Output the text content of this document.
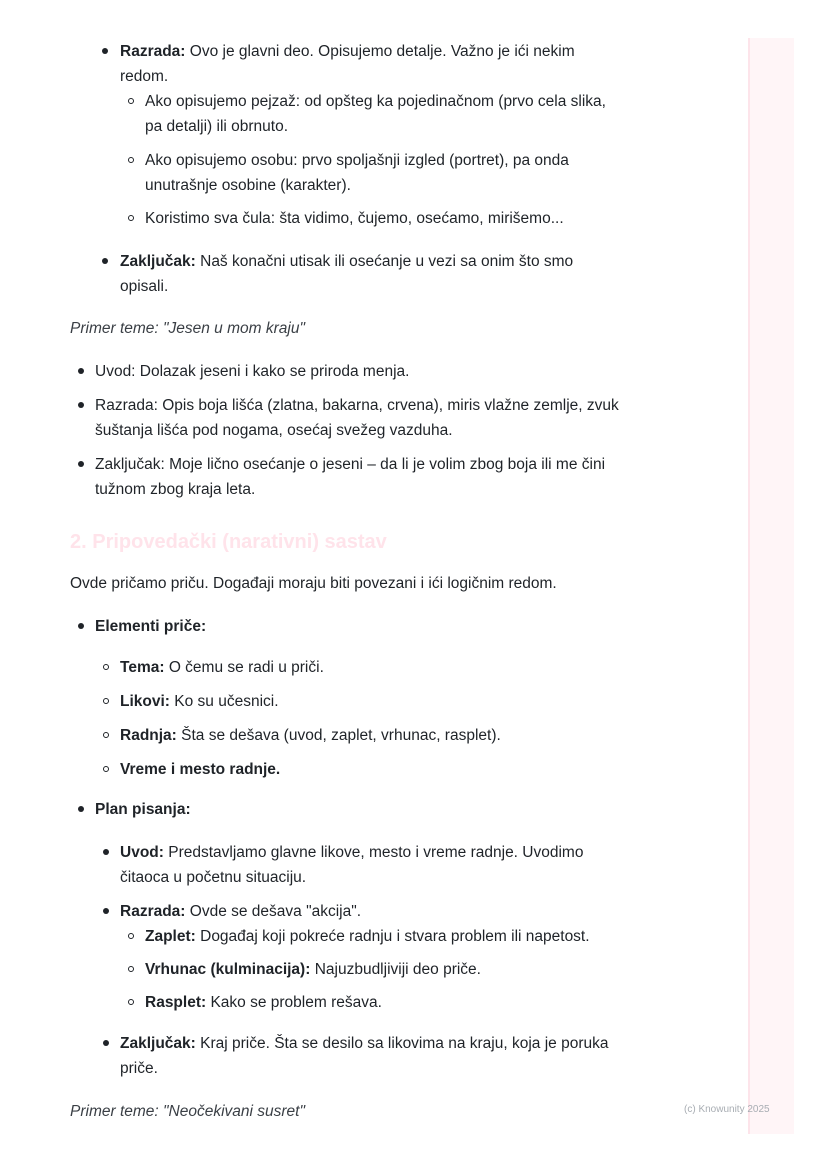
Razrada: Ovo je glavni deo. Opisujemo detalje. Važno je ići nekim
redom.
Ako opisujemo pejzaž: od opšteg ka pojedinačnom (prvo cela slika,
pa detalji) ili obrnuto.
Ako opisujemo osobu: prvo spoljašnji izgled (portret), pa onda
unutrašnje osobine (karakter).
Koristimo sva čula: šta vidimo, čujemo, osećamo, mirišemo...
Zaključak: Naš konačni utisak ili osećanje u vezi sa onim što smo
opisali.
Primer teme: "Jesen u mom kraju"
Uvod: Dolazak jeseni i kako se priroda menja.
Razrada: Opis boja lišća (zlatna, bakarna, crvena), miris vlažne zemlje, zvuk
šuštanja lišća pod nogama, osećaj svežeg vazduha.
Zaključak: Moje lično osećanje o jeseni – da li je volim zbog boja ili me čini
tužnom zbog kraja leta.
2. Pripovedački (narativni) sastav
Ovde pričamo priču. Događaji moraju biti povezani i ići logičnim redom.
Elementi priče:
Tema: O čemu se radi u priči.
Likovi: Ko su učesnici.
Radnja: Šta se dešava (uvod, zaplet, vrhunac, rasplet).
Vreme i mesto radnje.
Plan pisanja:
Uvod: Predstavljamo glavne likove, mesto i vreme radnje. Uvodimo
čitaoca u početnu situaciju.
Razrada: Ovde se dešava "akcija".
Zaplet: Događaj koji pokreće radnju i stvara problem ili napetost.
Vrhunac (kulminacija): Najuzbudljiviji deo priče.
Rasplet: Kako se problem rešava.
Zaključak: Kraj priče. Šta se desilo sa likovima na kraju, koja je poruka
priče.
Primer teme: "Neočekivani susret"	(c) Knowunity 2025
